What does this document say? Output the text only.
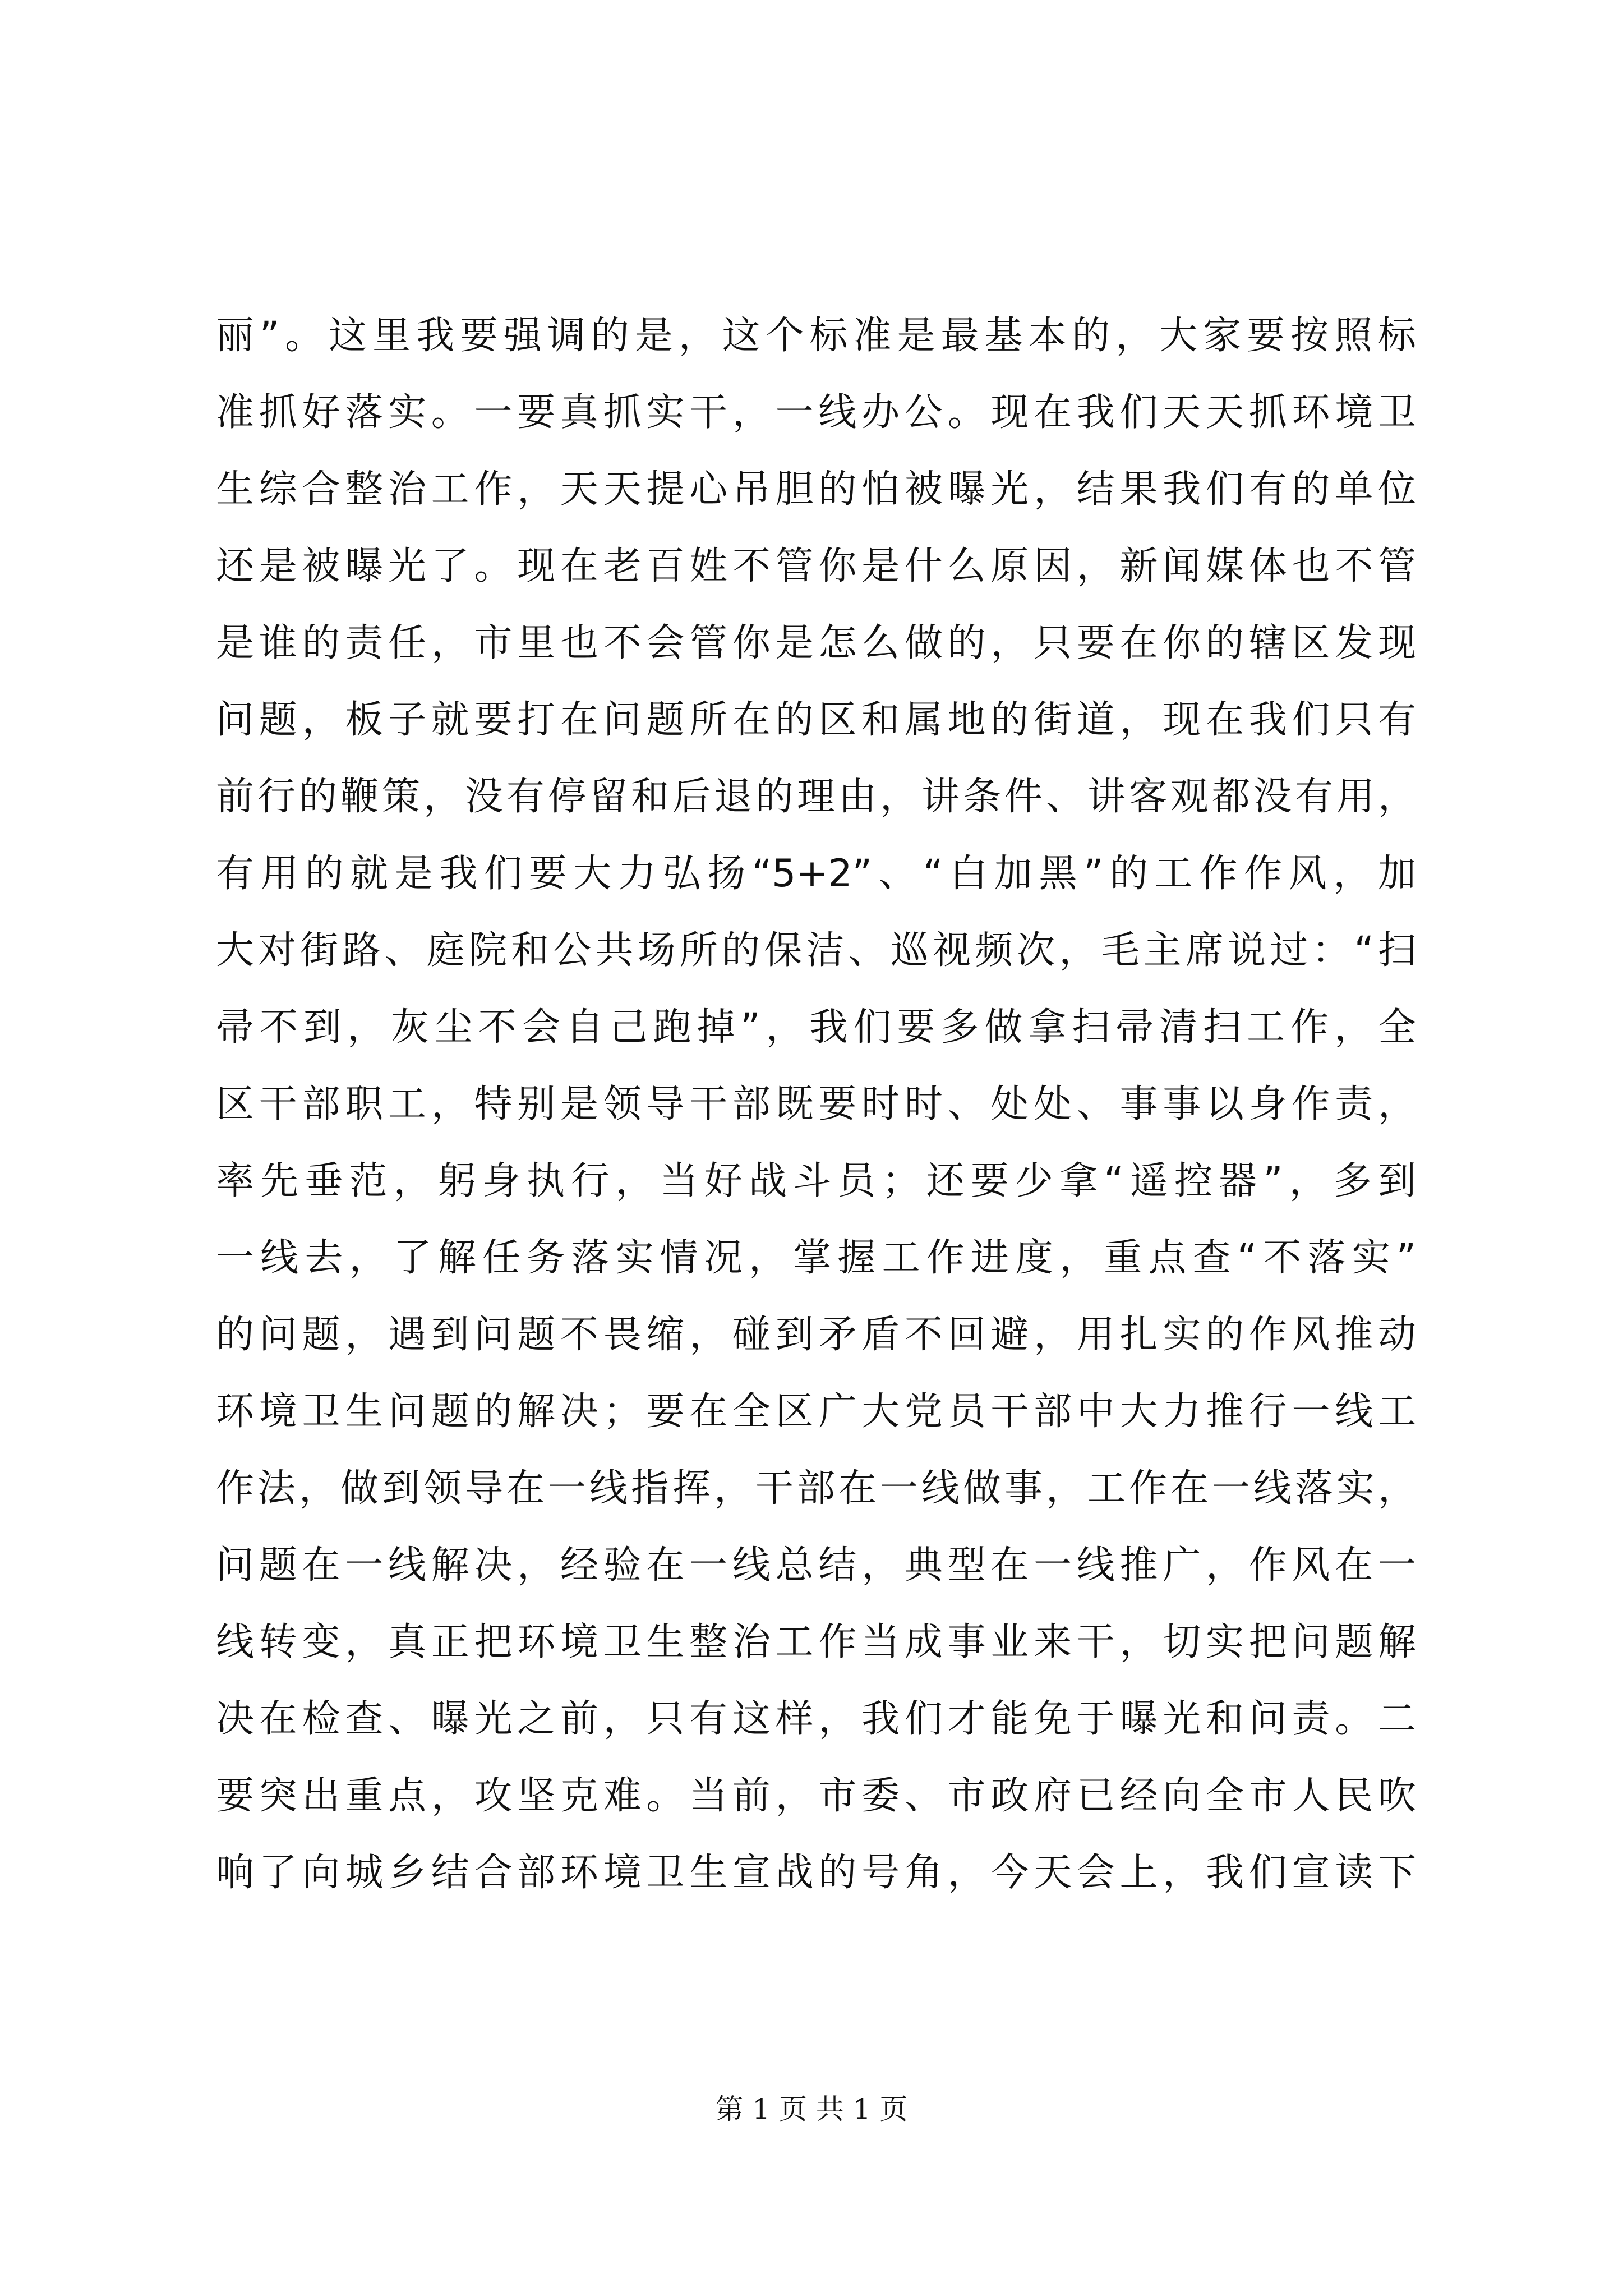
丽”。这里我要强调的是，这个标准是最基本的，大家要按照标
准抓好落实。一要真抓实干，一线办公。现在我们天天抓环境卫
生综合整治工作，天天提心吊胆的怕被曝光，结果我们有的单位
还是被曝光了。现在老百姓不管你是什么原因，新闻媒体也不管
是谁的责任，市里也不会管你是怎么做的，只要在你的辖区发现
问题，板子就要打在问题所在的区和属地的街道，现在我们只有
前行的鞭策，没有停留和后退的理由，讲条件、讲客观都没有用，
有用的就是我们要大力弘扬“5+2”、“白加黑”的工作作风，加
大对街路、庭院和公共场所的保洁、巡视频次，毛主席说过：“扫
帚不到，灰尘不会自己跑掉”，我们要多做拿扫帚清扫工作，全
区干部职工，特别是领导干部既要时时、处处、事事以身作责，
率先垂范，躬身执行，当好战斗员；还要少拿“遥控器”，多到
一线去，了解任务落实情况，掌握工作进度，重点查“不落实”
的问题，遇到问题不畏缩，碰到矛盾不回避，用扎实的作风推动
环境卫生问题的解决；要在全区广大党员干部中大力推行一线工
作法，做到领导在一线指挥，干部在一线做事，工作在一线落实，
问题在一线解决，经验在一线总结，典型在一线推广，作风在一
线转变，真正把环境卫生整治工作当成事业来干，切实把问题解
决在检查、曝光之前，只有这样，我们才能免于曝光和问责。二
要突出重点，攻坚克难。当前，市委、市政府已经向全市人民吹
响了向城乡结合部环境卫生宣战的号角，今天会上，我们宣读下
第 1 页 共 1 页
